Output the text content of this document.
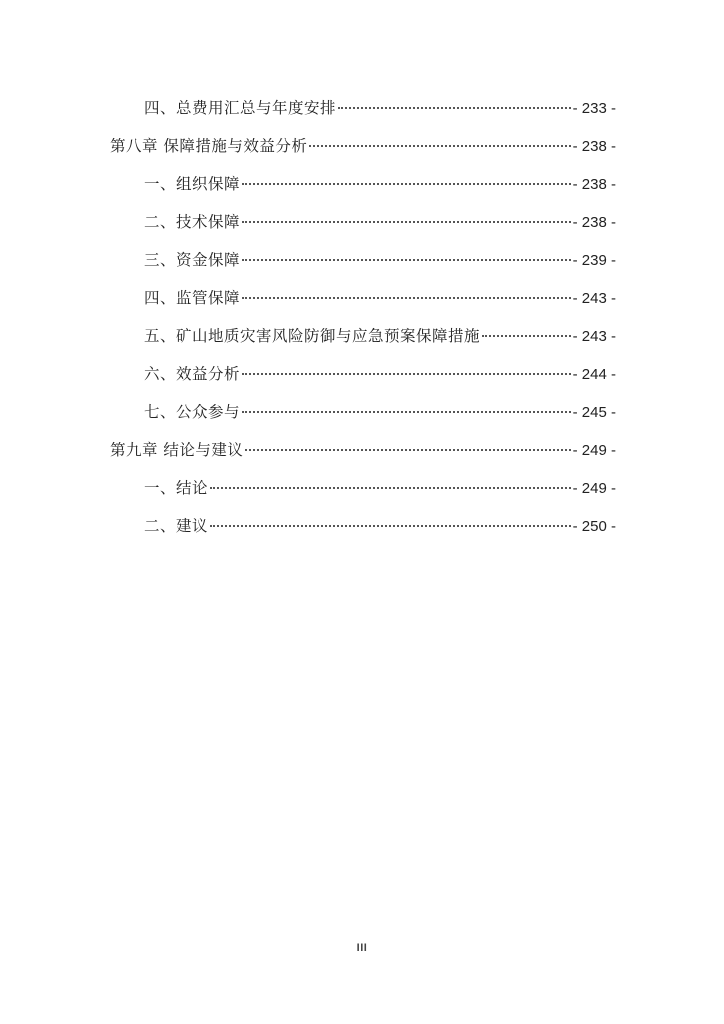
四、总费用汇总与年度安排	- 233 -
第八章 保障措施与效益分析	- 238 -
一、组织保障	- 238 -
二、技术保障	- 238 -
三、资金保障	- 239 -
四、监管保障	- 243 -
五、矿山地质灾害风险防御与应急预案保障措施	- 243 -
六、效益分析	- 244 -
七、公众参与	- 245 -
第九章 结论与建议	- 249 -
一、结论	- 249 -
二、建议	- 250 -
III
